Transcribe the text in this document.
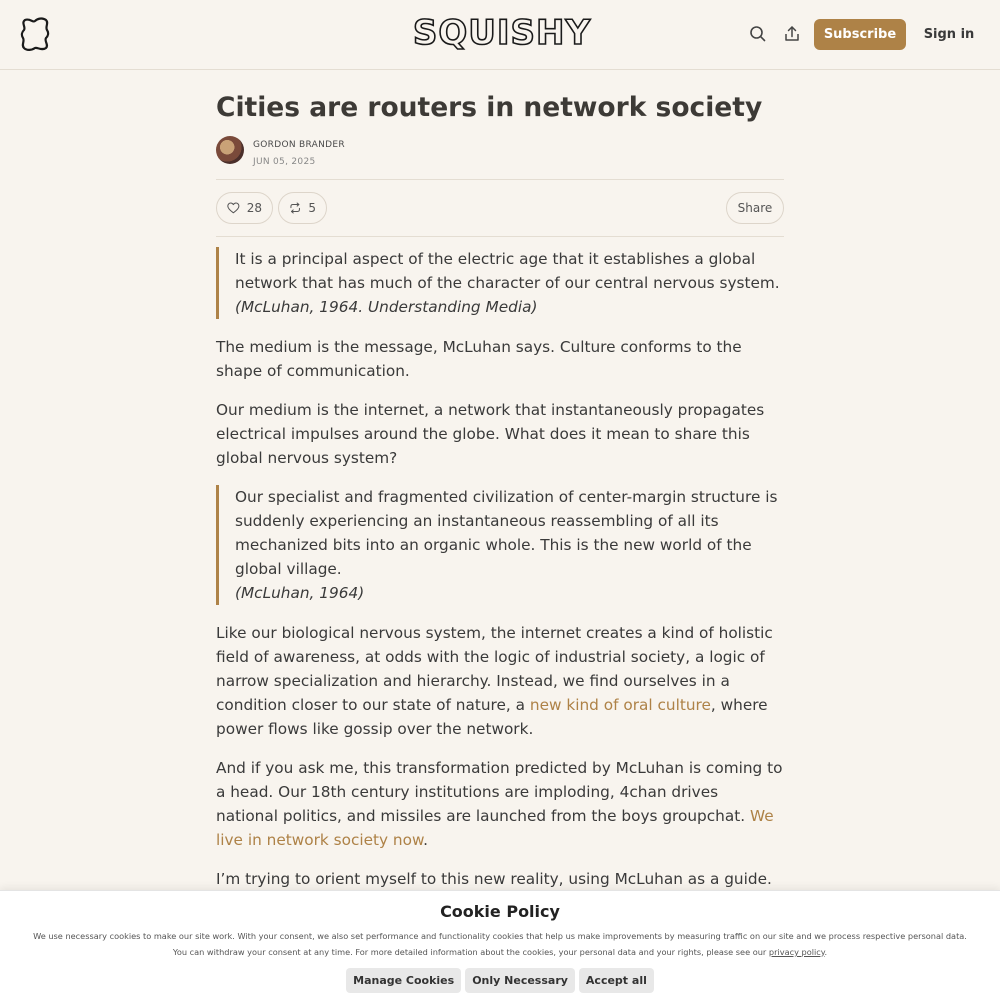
SQUISHY	Subscribe	Sign in
Cities are routers in network society
GORDON BRANDER
JUN 05, 2025
28	5	Share
It is a principal aspect of the electric age that it establishes a global network that has much of the character of our central nervous system.
(McLuhan, 1964. Understanding Media)

The medium is the message, McLuhan says. Culture conforms to the shape of communication.

Our medium is the internet, a network that instantaneously propagates electrical impulses around the globe. What does it mean to share this global nervous system?

Our specialist and fragmented civilization of center-margin structure is suddenly experiencing an instantaneous reassembling of all its mechanized bits into an organic whole. This is the new world of the global village.
(McLuhan, 1964)

Like our biological nervous system, the internet creates a kind of holistic field of awareness, at odds with the logic of industrial society, a logic of narrow specialization and hierarchy. Instead, we find ourselves in a condition closer to our state of nature, a new kind of oral culture, where power flows like gossip over the network.

And if you ask me, this transformation predicted by McLuhan is coming to a head. Our 18th century institutions are imploding, 4chan drives national politics, and missiles are launched from the boys groupchat. We live in network society now.

I’m trying to orient myself to this new reality, using McLuhan as a guide.

Cookie Policy
We use necessary cookies to make our site work. With your consent, we also set performance and functionality cookies that help us make improvements by measuring traffic on our site and we process respective personal data.
You can withdraw your consent at any time. For more detailed information about the cookies, your personal data and your rights, please see our privacy policy.
Manage Cookies	Only Necessary	Accept all
